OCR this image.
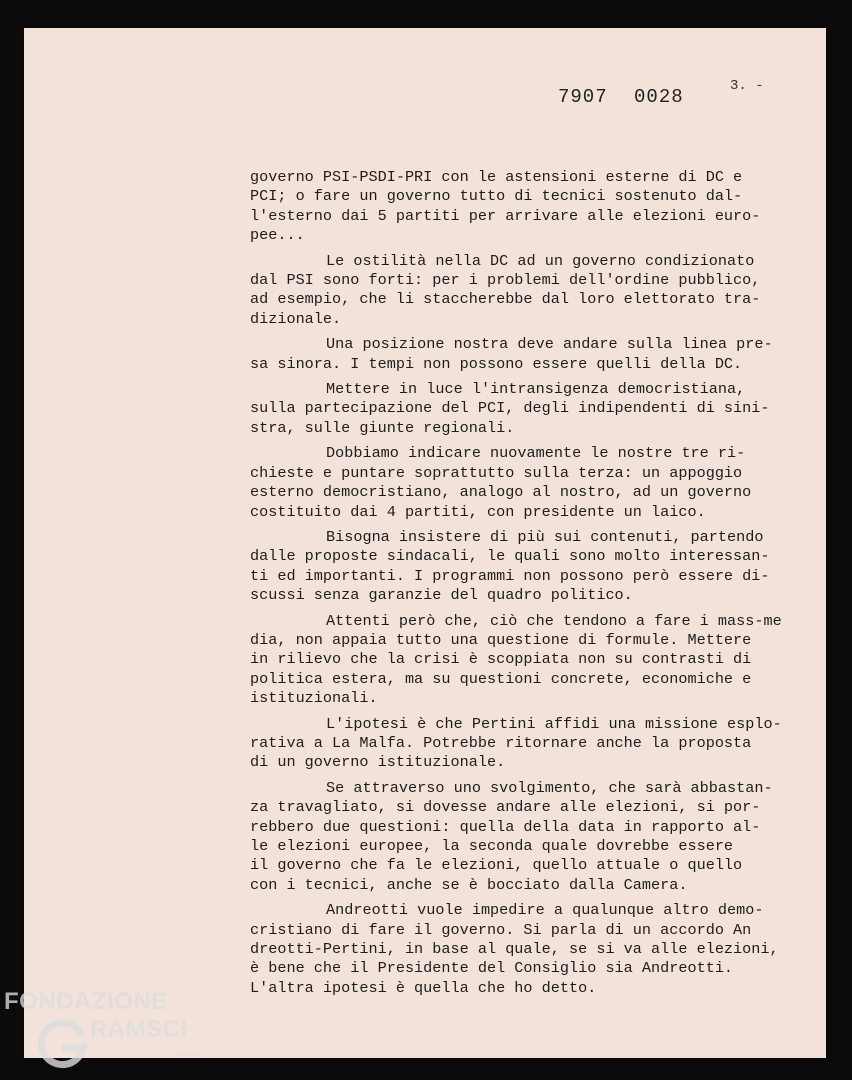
7907 0028	3. -

governo PSI-PSDI-PRI con le astensioni esterne di DC e
PCI; o fare un governo tutto di tecnici sostenuto dal-
l'esterno dai 5 partiti per arrivare alle elezioni euro-
pee...

Le ostilità nella DC ad un governo condizionato
dal PSI sono forti: per i problemi dell'ordine pubblico,
ad esempio, che li staccherebbe dal loro elettorato tra-
dizionale.

Una posizione nostra deve andare sulla linea pre-
sa sinora. I tempi non possono essere quelli della DC.

Mettere in luce l'intransigenza democristiana,
sulla partecipazione del PCI, degli indipendenti di sini-
stra, sulle giunte regionali.

Dobbiamo indicare nuovamente le nostre tre ri-
chieste e puntare soprattutto sulla terza: un appoggio
esterno democristiano, analogo al nostro, ad un governo
costituito dai 4 partiti, con presidente un laico.

Bisogna insistere di più sui contenuti, partendo
dalle proposte sindacali, le quali sono molto interessan-
ti ed importanti. I programmi non possono però essere di-
scussi senza garanzie del quadro politico.

Attenti però che, ciò che tendono a fare i mass-me
dia, non appaia tutto una questione di formule. Mettere
in rilievo che la crisi è scoppiata non su contrasti di
politica estera, ma su questioni concrete, economiche e
istituzionali.

L'ipotesi è che Pertini affidi una missione esplo-
rativa a La Malfa. Potrebbe ritornare anche la proposta
di un governo istituzionale.

Se attraverso uno svolgimento, che sarà abbastan-
za travagliato, si dovesse andare alle elezioni, si por-
rebbero due questioni: quella della data in rapporto al-
le elezioni europee, la seconda quale dovrebbe essere
il governo che fa le elezioni, quello attuale o quello
con i tecnici, anche se è bocciato dalla Camera.

Andreotti vuole impedire a qualunque altro demo-
cristiano di fare il governo. Si parla di un accordo An
dreotti-Pertini, in base al quale, se si va alle elezioni,
è bene che il Presidente del Consiglio sia Andreotti.
L'altra ipotesi è quella che ho detto.

FONDAZIONE
RAMSCI
onlus
